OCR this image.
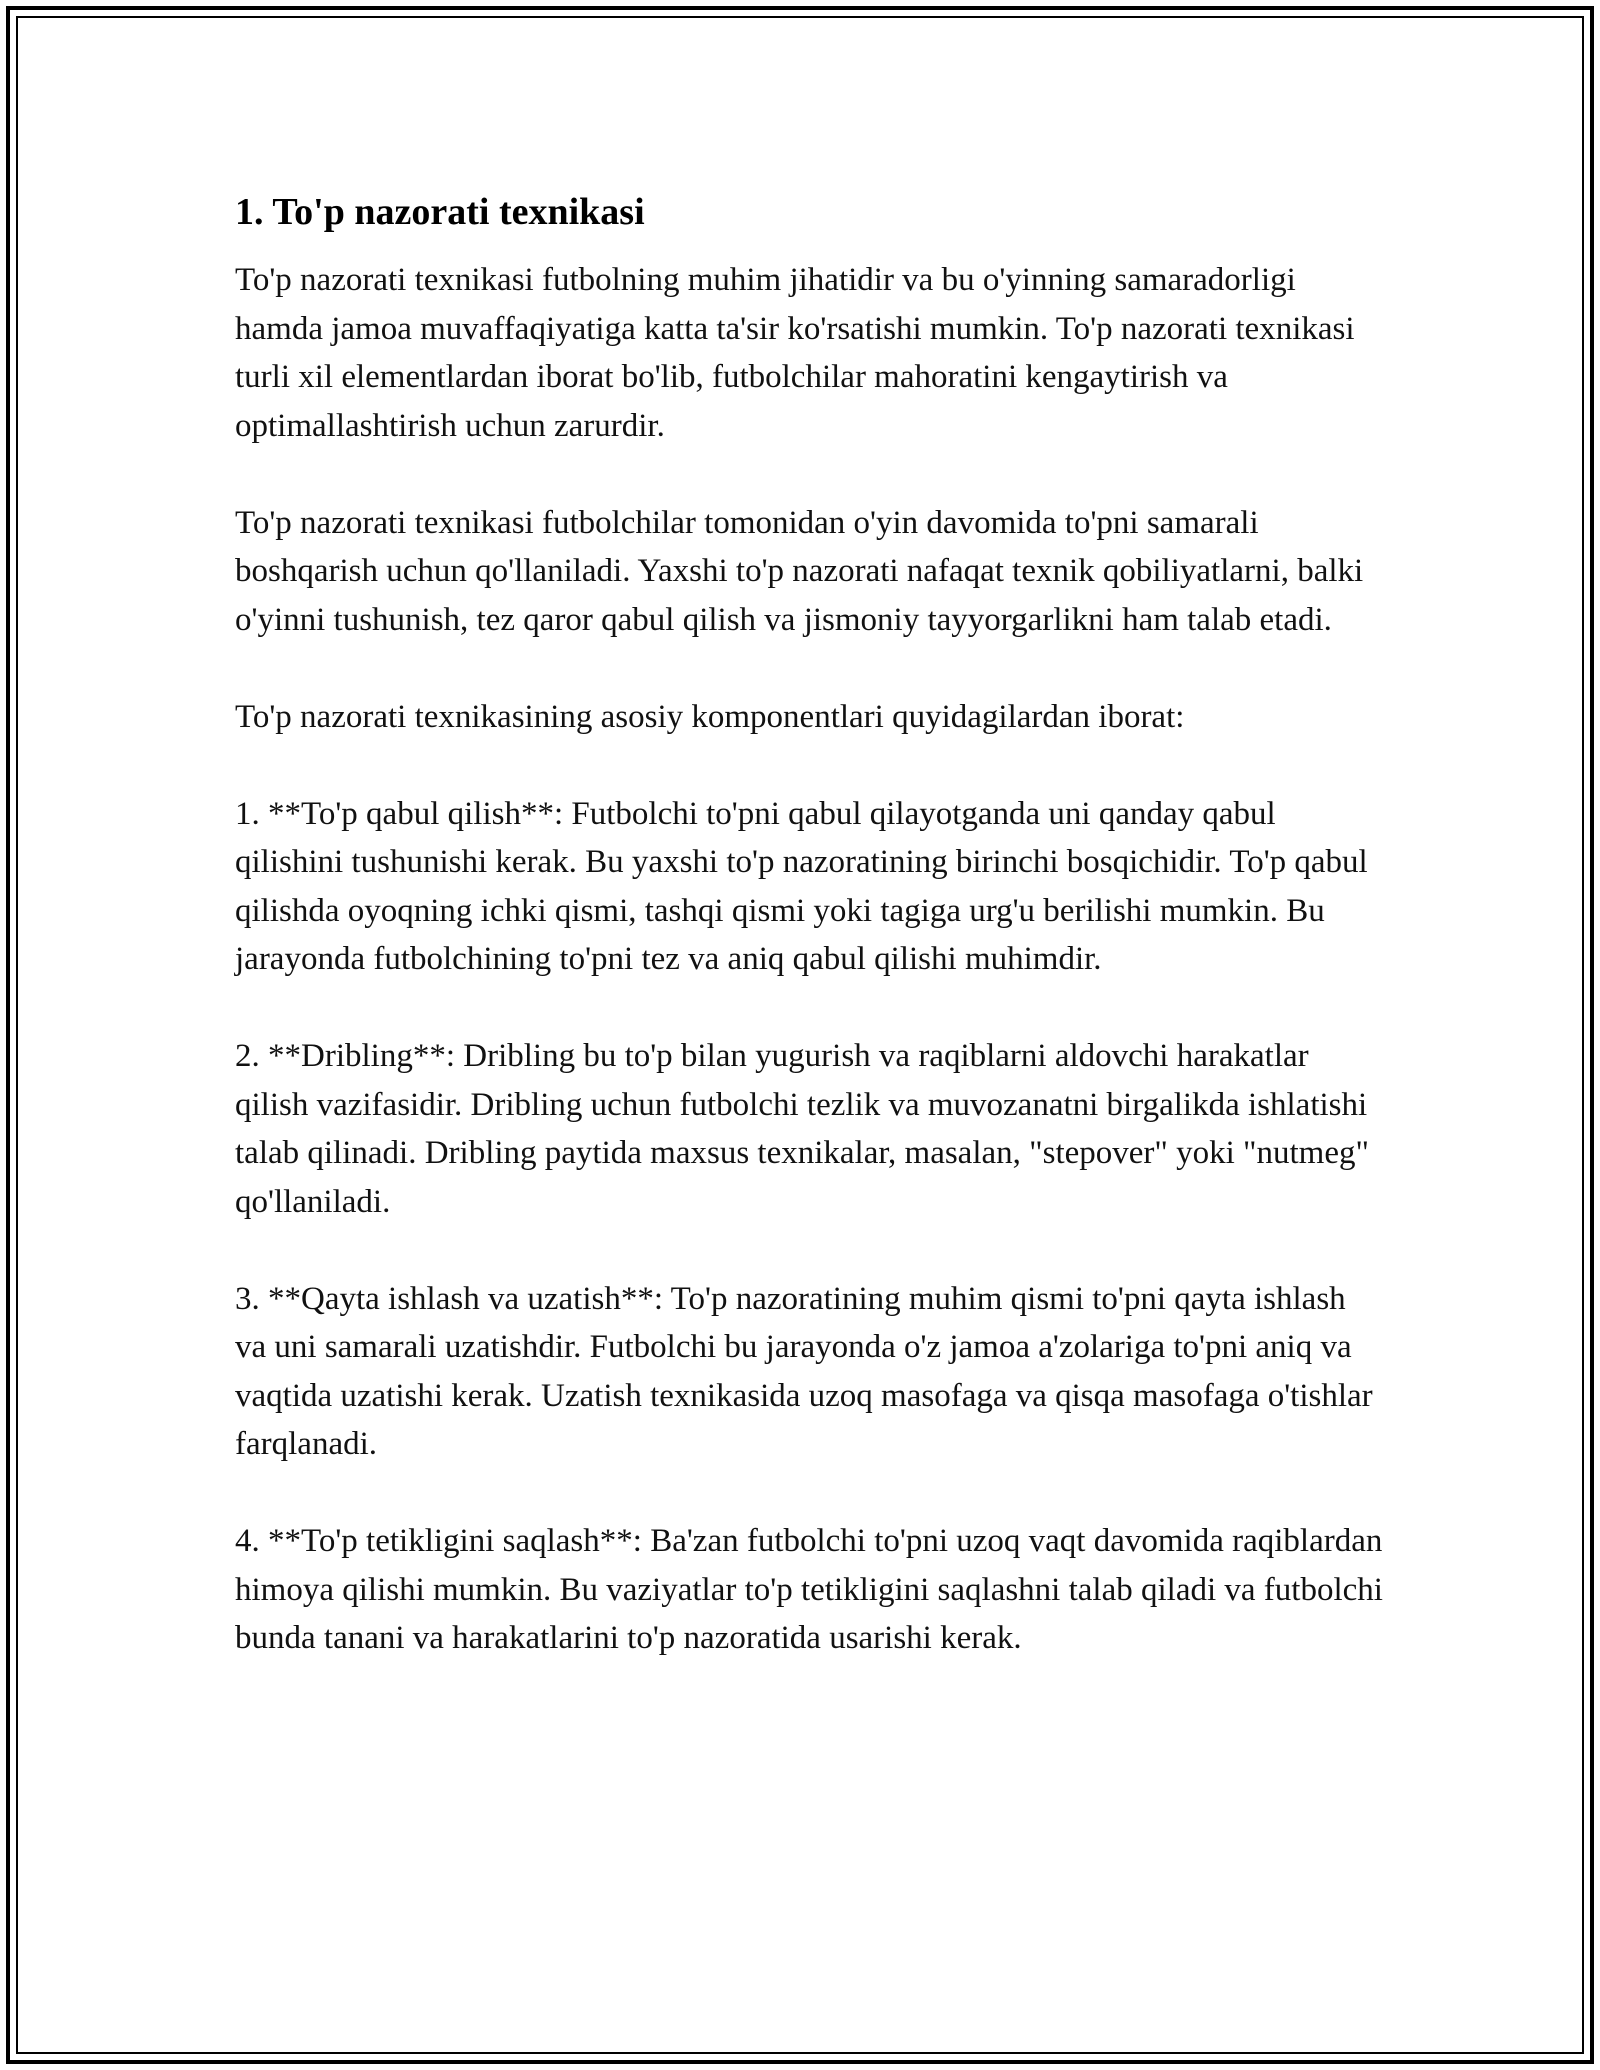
1. To'p nazorati texnikasi

To'p nazorati texnikasi futbolning muhim jihatidir va bu o'yinning samaradorligi hamda jamoa muvaffaqiyatiga katta ta'sir ko'rsatishi mumkin. To'p nazorati texnikasi turli xil elementlardan iborat bo'lib, futbolchilar mahoratini kengaytirish va optimallashtirish uchun zarurdir.

To'p nazorati texnikasi futbolchilar tomonidan o'yin davomida to'pni samarali boshqarish uchun qo'llaniladi. Yaxshi to'p nazorati nafaqat texnik qobiliyatlarni, balki o'yinni tushunish, tez qaror qabul qilish va jismoniy tayyorgarlikni ham talab etadi.

To'p nazorati texnikasining asosiy komponentlari quyidagilardan iborat:

1. **To'p qabul qilish**: Futbolchi to'pni qabul qilayotganda uni qanday qabul qilishini tushunishi kerak. Bu yaxshi to'p nazoratining birinchi bosqichidir. To'p qabul qilishda oyoqning ichki qismi, tashqi qismi yoki tagiga urg'u berilishi mumkin. Bu jarayonda futbolchining to'pni tez va aniq qabul qilishi muhimdir.

2. **Dribling**: Dribling bu to'p bilan yugurish va raqiblarni aldovchi harakatlar qilish vazifasidir. Dribling uchun futbolchi tezlik va muvozanatni birgalikda ishlatishi talab qilinadi. Dribling paytida maxsus texnikalar, masalan, "stepover" yoki "nutmeg" qo'llaniladi.

3. **Qayta ishlash va uzatish**: To'p nazoratining muhim qismi to'pni qayta ishlash va uni samarali uzatishdir. Futbolchi bu jarayonda o'z jamoa a'zolariga to'pni aniq va vaqtida uzatishi kerak. Uzatish texnikasida uzoq masofaga va qisqa masofaga o'tishlar farqlanadi.

4. **To'p tetikligini saqlash**: Ba'zan futbolchi to'pni uzoq vaqt davomida raqiblardan himoya qilishi mumkin. Bu vaziyatlar to'p tetikligini saqlashni talab qiladi va futbolchi bunda tanani va harakatlarini to'p nazoratida usarishi kerak.
